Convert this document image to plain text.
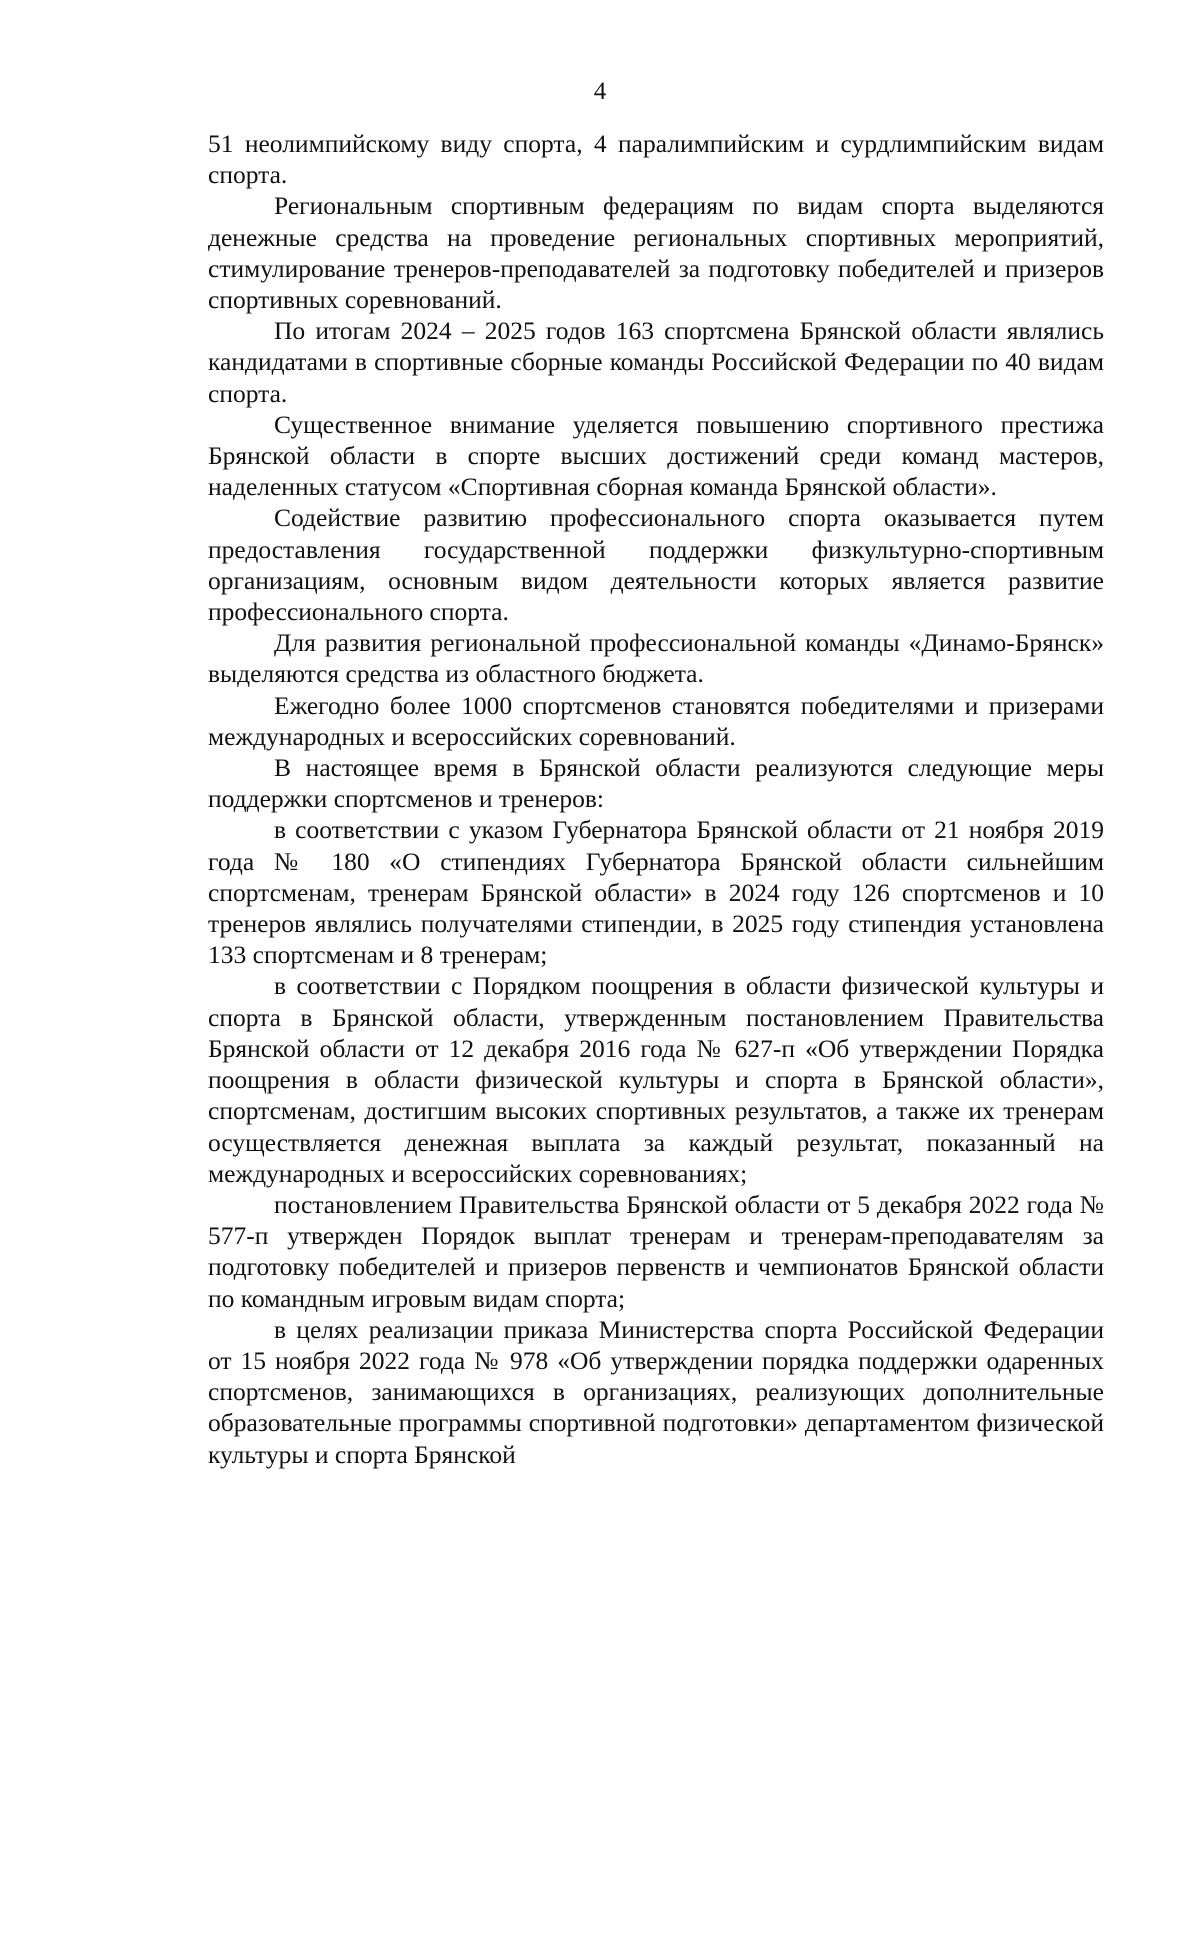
4

51 неолимпийскому виду спорта, 4 паралимпийским и сурдлимпийским видам спорта.

Региональным спортивным федерациям по видам спорта выделяются денежные средства на проведение региональных спортивных мероприятий, стимулирование тренеров-преподавателей за подготовку победителей и призеров спортивных соревнований.

По итогам 2024 – 2025 годов 163 спортсмена Брянской области являлись кандидатами в спортивные сборные команды Российской Федерации по 40 видам спорта.

Существенное внимание уделяется повышению спортивного престижа Брянской области в спорте высших достижений среди команд мастеров, наделенных статусом «Спортивная сборная команда Брянской области».

Содействие развитию профессионального спорта оказывается путем предоставления государственной поддержки физкультурно-спортивным организациям, основным видом деятельности которых является развитие профессионального спорта.

Для развития региональной профессиональной команды «Динамо-Брянск» выделяются средства из областного бюджета.

Ежегодно более 1000 спортсменов становятся победителями и призерами международных и всероссийских соревнований.

В настоящее время в Брянской области реализуются следующие меры поддержки спортсменов и тренеров:

в соответствии с указом Губернатора Брянской области от 21 ноября 2019 года № 180 «О стипендиях Губернатора Брянской области сильнейшим спортсменам, тренерам Брянской области» в 2024 году 126 спортсменов и 10 тренеров являлись получателями стипендии, в 2025 году стипендия установлена 133 спортсменам и 8 тренерам;

в соответствии с Порядком поощрения в области физической культуры и спорта в Брянской области, утвержденным постановлением Правительства Брянской области от 12 декабря 2016 года № 627-п «Об утверждении Порядка поощрения в области физической культуры и спорта в Брянской области», спортсменам, достигшим высоких спортивных результатов, а также их тренерам осуществляется денежная выплата за каждый результат, показанный на международных и всероссийских соревнованиях;

постановлением Правительства Брянской области от 5 декабря 2022 года № 577-п утвержден Порядок выплат тренерам и тренерам-преподавателям за подготовку победителей и призеров первенств и чемпионатов Брянской области по командным игровым видам спорта;

в целях реализации приказа Министерства спорта Российской Федерации от 15 ноября 2022 года № 978 «Об утверждении порядка поддержки одаренных спортсменов, занимающихся в организациях, реализующих дополнительные образовательные программы спортивной подготовки» департаментом физической культуры и спорта Брянской
